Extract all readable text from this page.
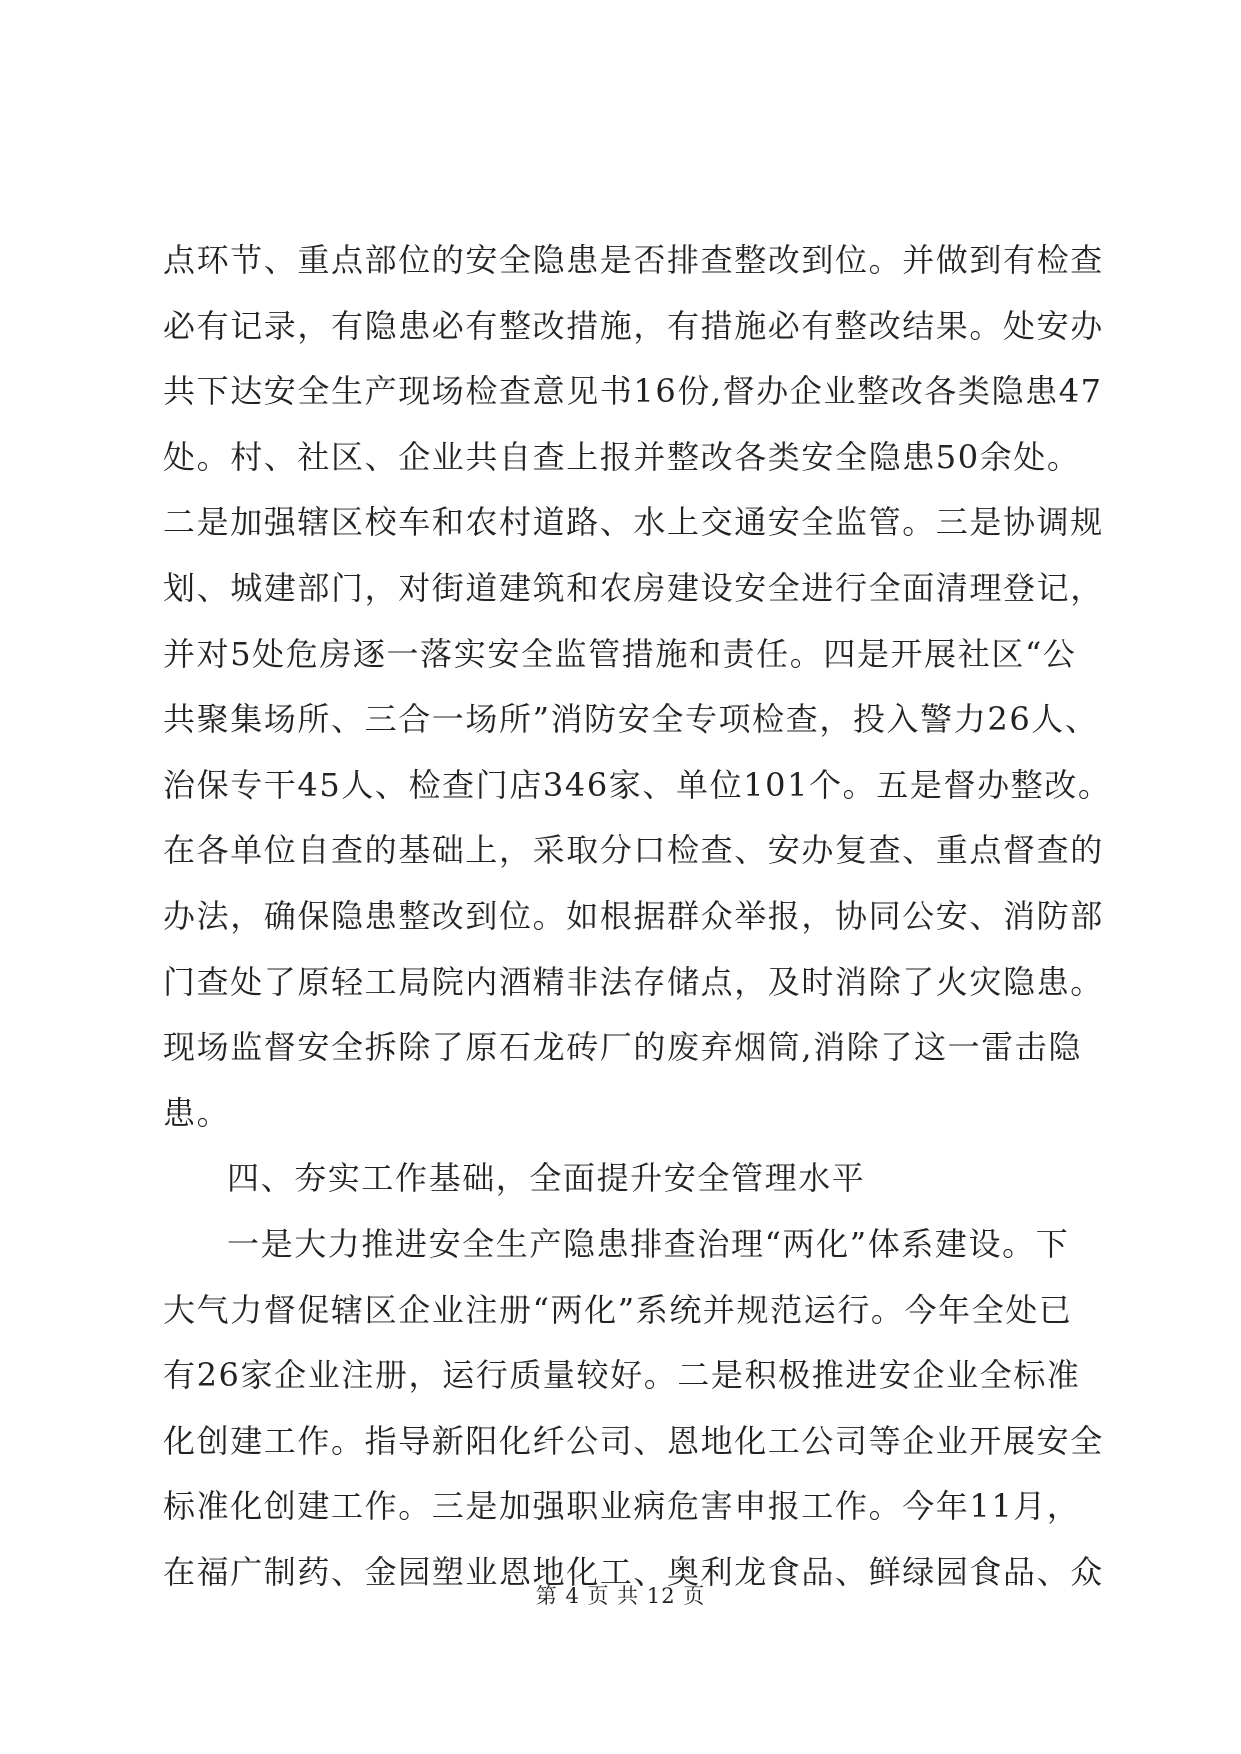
点环节、重点部位的安全隐患是否排查整改到位。并做到有检查
必有记录，有隐患必有整改措施，有措施必有整改结果。处安办
共下达安全生产现场检查意见书16份,督办企业整改各类隐患47
处。村、社区、企业共自查上报并整改各类安全隐患50余处。
二是加强辖区校车和农村道路、水上交通安全监管。三是协调规
划、城建部门，对街道建筑和农房建设安全进行全面清理登记，
并对5处危房逐一落实安全监管措施和责任。四是开展社区“公
共聚集场所、三合一场所”消防安全专项检查，投入警力26人、
治保专干45人、检查门店346家、单位101个。五是督办整改。
在各单位自查的基础上，采取分口检查、安办复查、重点督查的
办法，确保隐患整改到位。如根据群众举报，协同公安、消防部
门查处了原轻工局院内酒精非法存储点，及时消除了火灾隐患。
现场监督安全拆除了原石龙砖厂的废弃烟筒,消除了这一雷击隐
患。
四、夯实工作基础，全面提升安全管理水平
一是大力推进安全生产隐患排查治理“两化”体系建设。下
大气力督促辖区企业注册“两化”系统并规范运行。今年全处已
有26家企业注册，运行质量较好。二是积极推进安企业全标准
化创建工作。指导新阳化纤公司、恩地化工公司等企业开展安全
标准化创建工作。三是加强职业病危害申报工作。今年11月，
在福广制药、金园塑业恩地化工、奥利龙食品、鲜绿园食品、众
第 4 页 共 12 页
